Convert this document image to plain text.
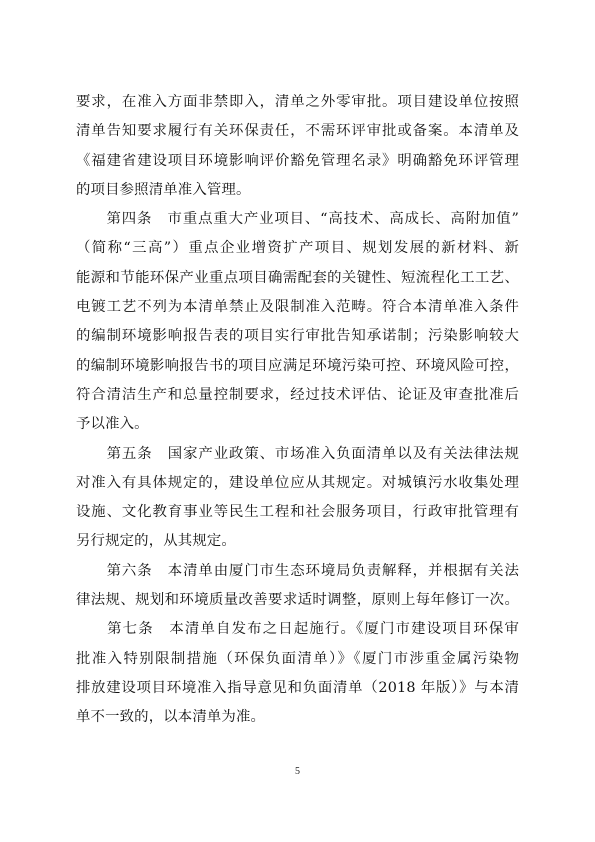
要求，在准入方面非禁即入，清单之外零审批。项目建设单位按照
清单告知要求履行有关环保责任，不需环评审批或备案。本清单及
《福建省建设项目环境影响评价豁免管理名录》明确豁免环评管理
的项目参照清单准入管理。
　　第四条　市重点重大产业项目、“高技术、高成长、高附加值”
（简称“三高”）重点企业增资扩产项目、规划发展的新材料、新
能源和节能环保产业重点项目确需配套的关键性、短流程化工工艺、
电镀工艺不列为本清单禁止及限制准入范畴。符合本清单准入条件
的编制环境影响报告表的项目实行审批告知承诺制；污染影响较大
的编制环境影响报告书的项目应满足环境污染可控、环境风险可控，
符合清洁生产和总量控制要求，经过技术评估、论证及审查批准后
予以准入。
　　第五条　国家产业政策、市场准入负面清单以及有关法律法规
对准入有具体规定的，建设单位应从其规定。对城镇污水收集处理
设施、文化教育事业等民生工程和社会服务项目，行政审批管理有
另行规定的，从其规定。
　　第六条　本清单由厦门市生态环境局负责解释，并根据有关法
律法规、规划和环境质量改善要求适时调整，原则上每年修订一次。
　　第七条　本清单自发布之日起施行。《厦门市建设项目环保审
批准入特别限制措施（环保负面清单）》《厦门市涉重金属污染物
排放建设项目环境准入指导意见和负面清单（2018 年版）》与本清
单不一致的，以本清单为准。
5
